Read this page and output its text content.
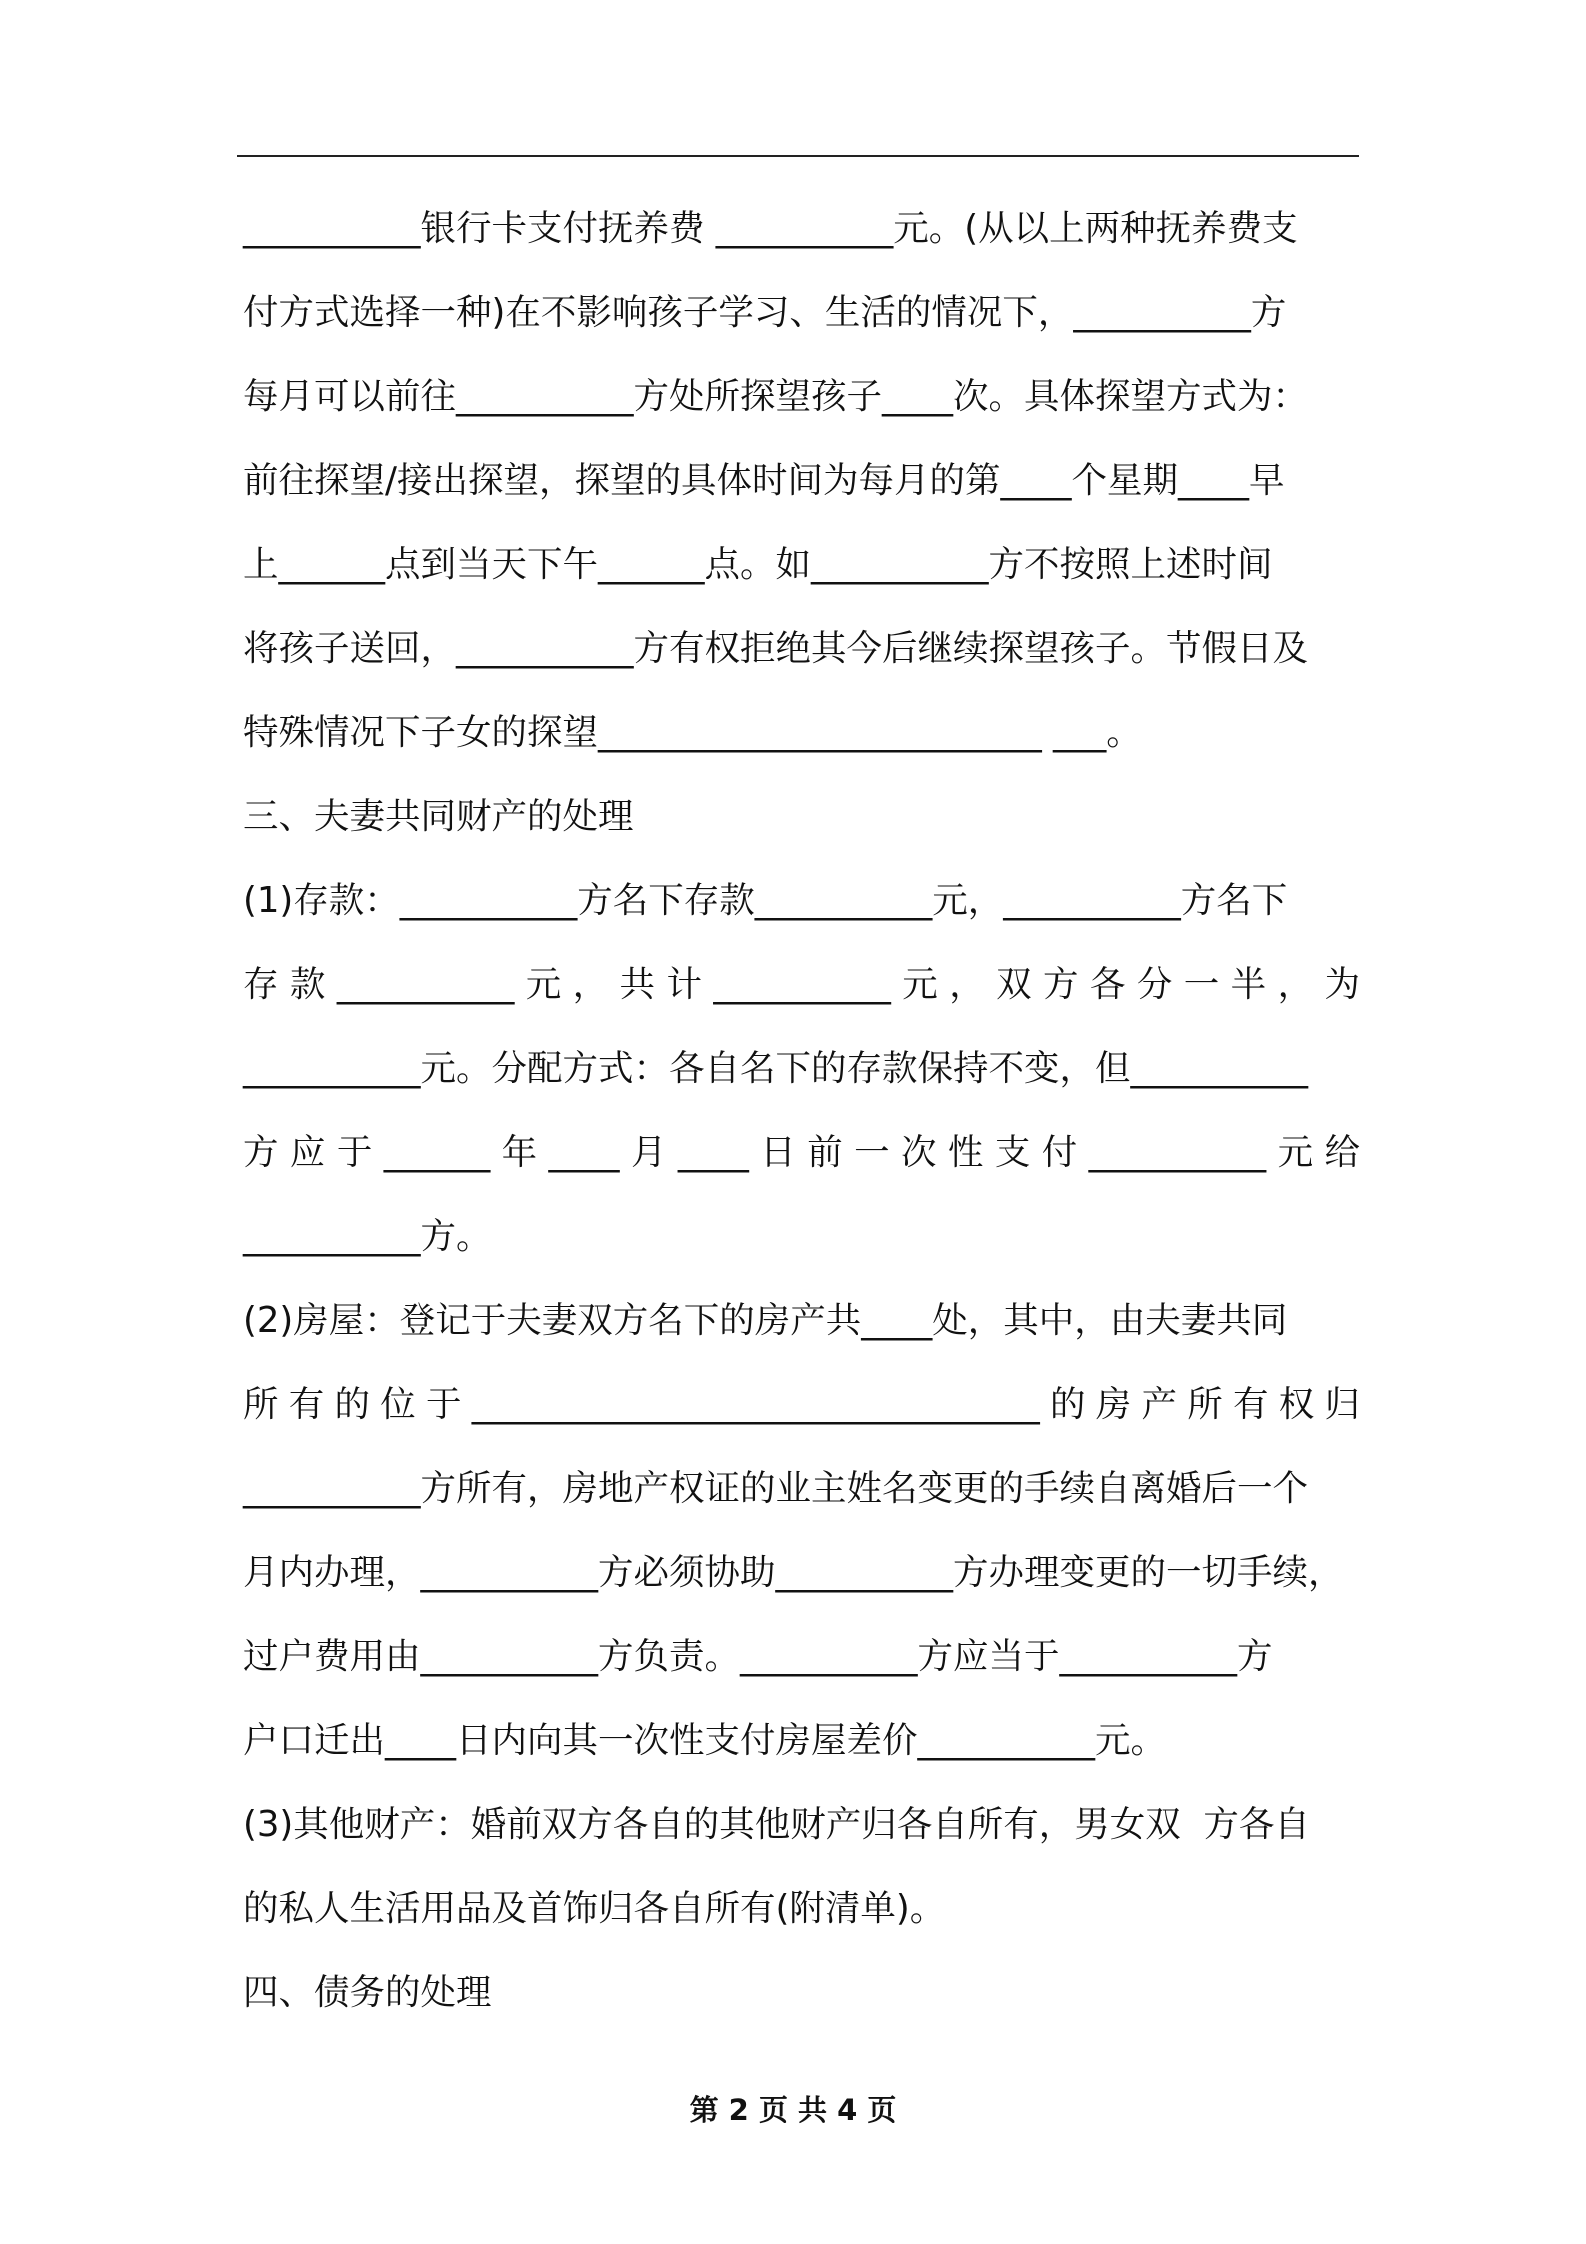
__________银行卡支付抚养费 __________元。(从以上两种抚养费支
付方式选择一种)在不影响孩子学习、生活的情况下，__________方
每月可以前往__________方处所探望孩子____次。具体探望方式为：
前往探望/接出探望，探望的具体时间为每月的第____个星期____早
上______点到当天下午______点。如__________方不按照上述时间
将孩子送回，__________方有权拒绝其今后继续探望孩子。节假日及
特殊情况下子女的探望_________________________ ___。
三、夫妻共同财产的处理
(1)存款：__________方名下存款__________元，__________方名下
存款__________元，共计__________元，双方各分一半，为
__________元。分配方式：各自名下的存款保持不变，但__________
方应于______年____月____日前一次性支付__________元给
__________方。
(2)房屋：登记于夫妻双方名下的房产共____处，其中，由夫妻共同
所有的位于________________________________的房产所有权归
__________方所有，房地产权证的业主姓名变更的手续自离婚后一个
月内办理，__________方必须协助__________方办理变更的一切手续，
过户费用由__________方负责。__________方应当于__________方
户口迁出____日内向其一次性支付房屋差价__________元。
(3)其他财产：婚前双方各自的其他财产归各自所有，男女双  方各自
的私人生活用品及首饰归各自所有(附清单)。
四、债务的处理
第 2 页 共 4 页
